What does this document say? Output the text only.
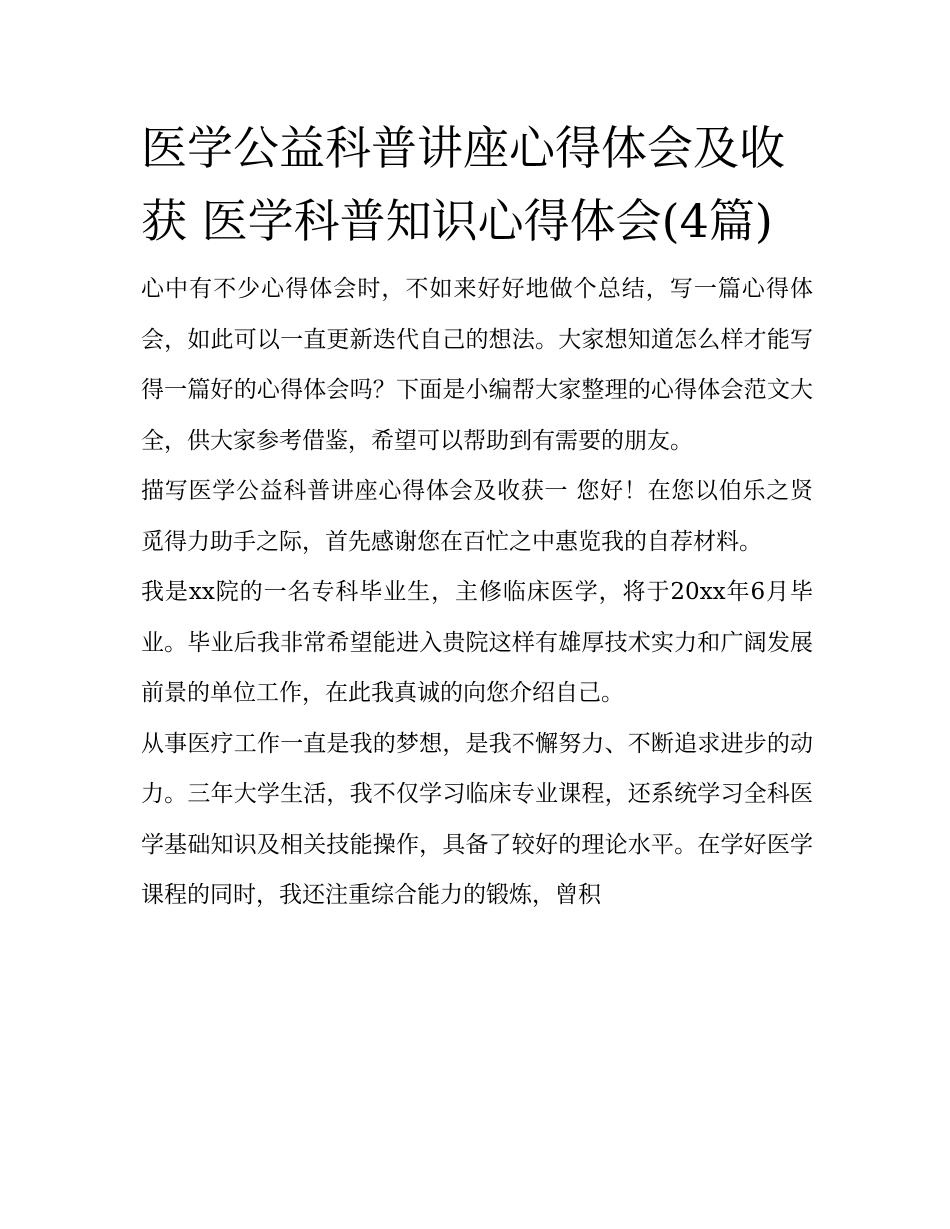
医学公益科普讲座心得体会及收获 医学科普知识心得体会(4篇)

心中有不少心得体会时，不如来好好地做个总结，写一篇心得体会，如此可以一直更新迭代自己的想法。大家想知道怎么样才能写得一篇好的心得体会吗？下面是小编帮大家整理的心得体会范文大全，供大家参考借鉴，希望可以帮助到有需要的朋友。

描写医学公益科普讲座心得体会及收获一 您好！在您以伯乐之贤觅得力助手之际，首先感谢您在百忙之中惠览我的自荐材料。

我是xx院的一名专科毕业生，主修临床医学，将于20xx年6月毕业。毕业后我非常希望能进入贵院这样有雄厚技术实力和广阔发展前景的单位工作，在此我真诚的向您介绍自己。

从事医疗工作一直是我的梦想，是我不懈努力、不断追求进步的动力。三年大学生活，我不仅学习临床专业课程，还系统学习全科医学基础知识及相关技能操作，具备了较好的理论水平。在学好医学课程的同时，我还注重综合能力的锻炼，曾积
